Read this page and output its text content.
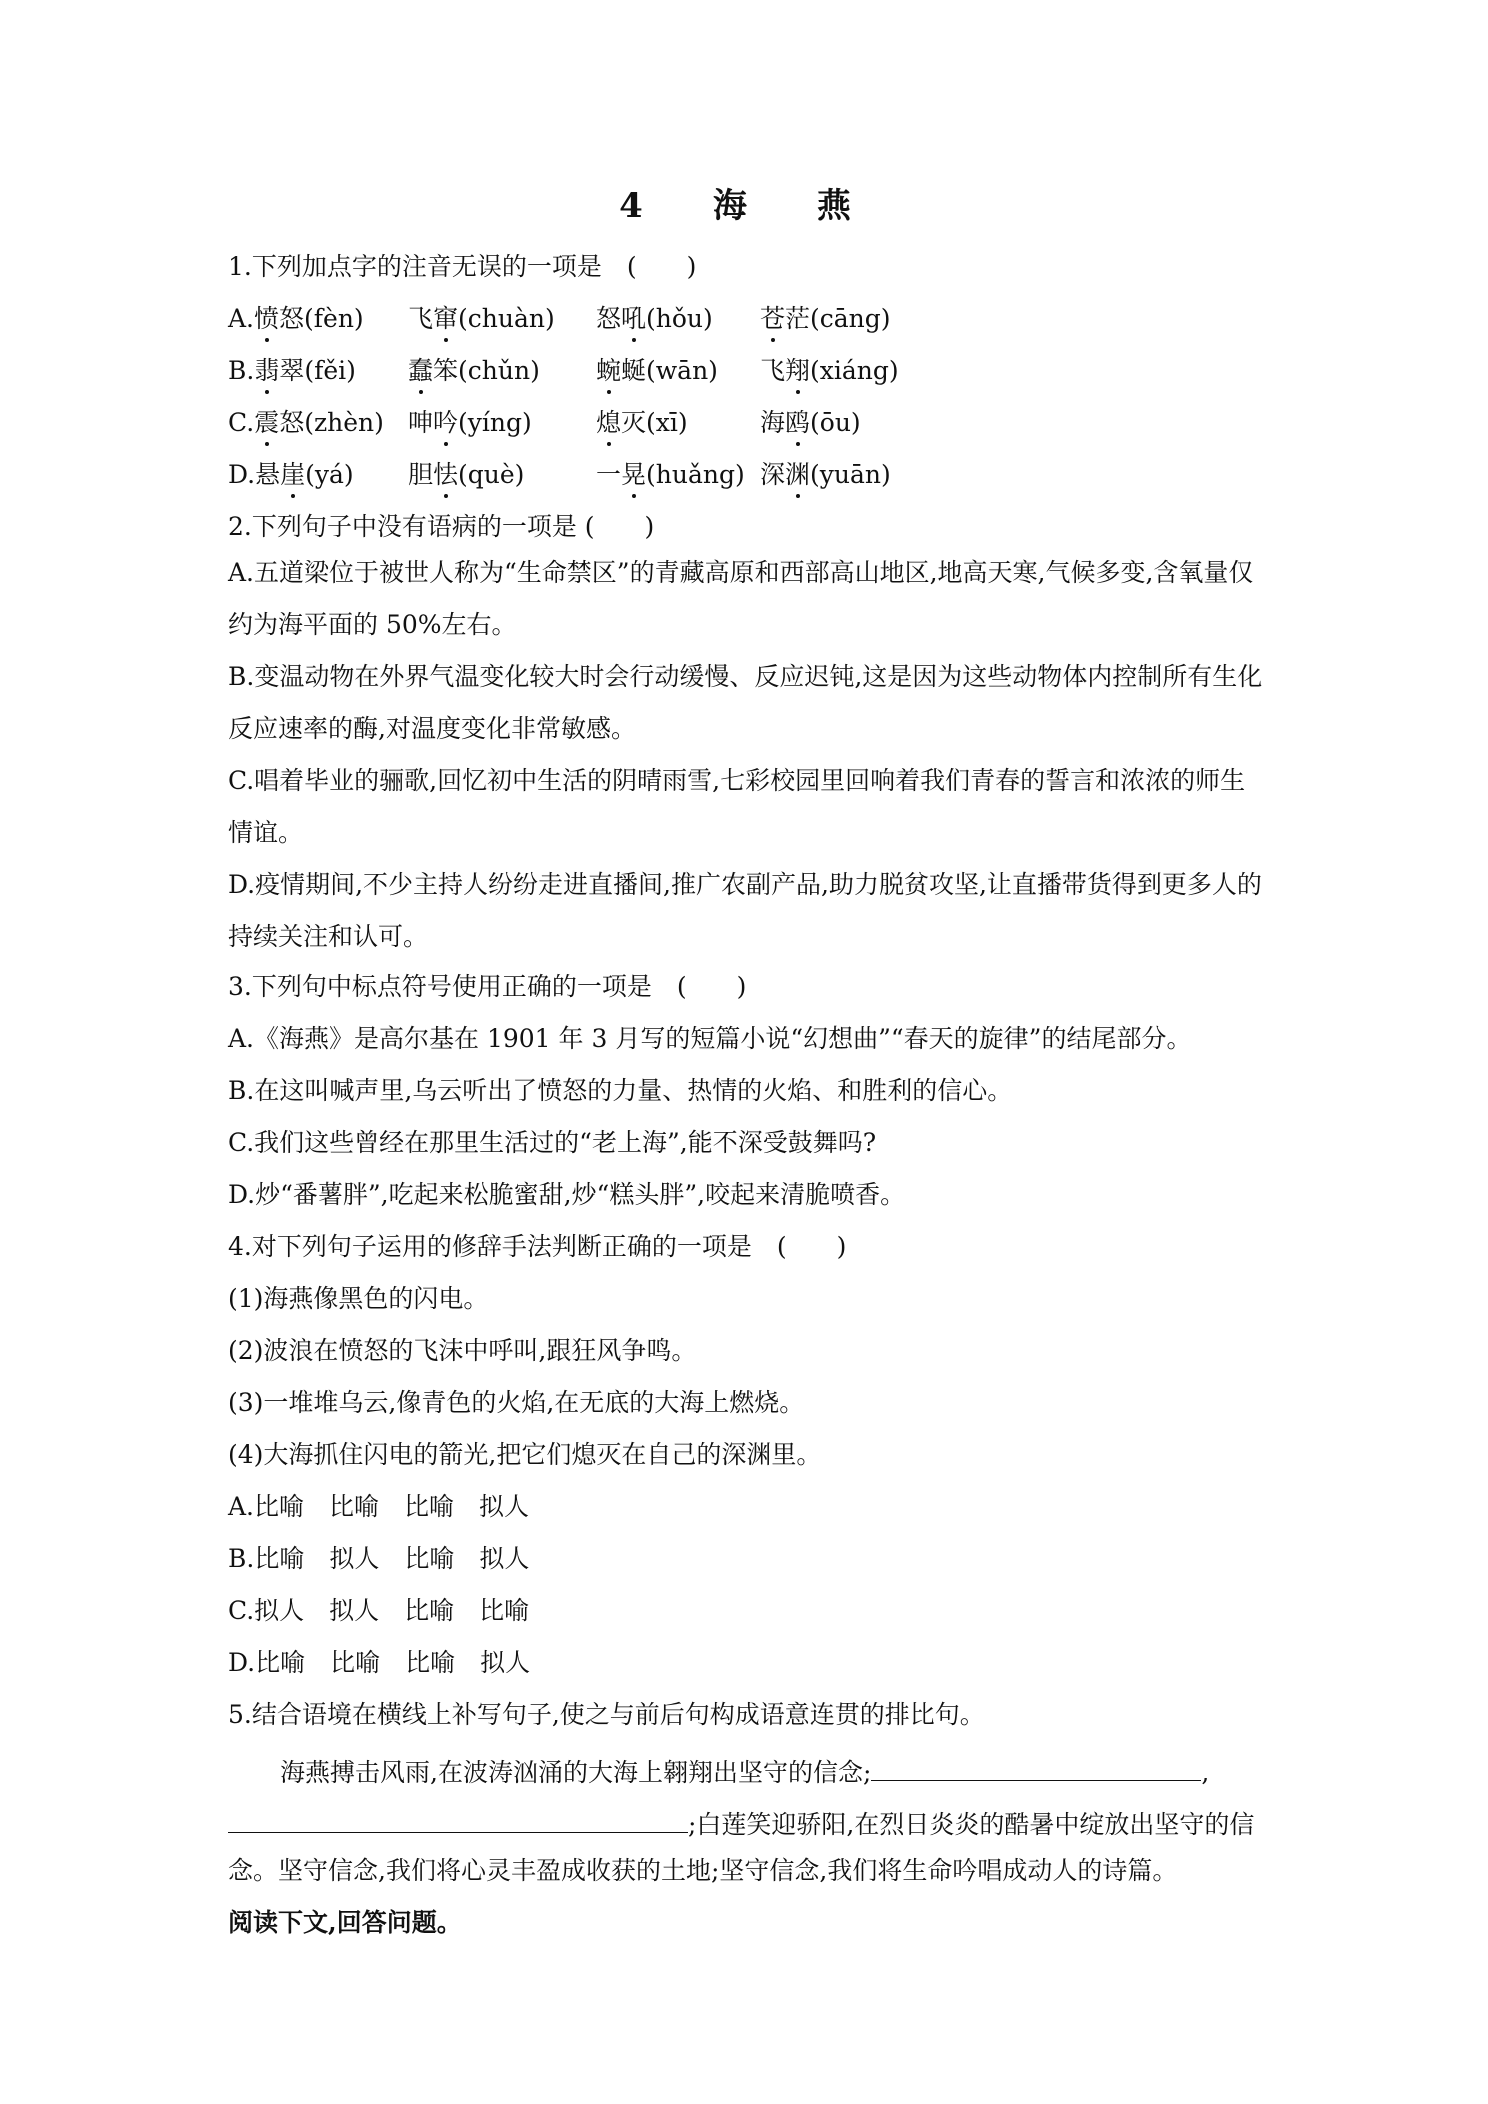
4　海　燕
1.下列加点字的注音无误的一项是　(　　)
A.愤怒(fèn) 飞窜(chuàn) 怒吼(hǒu) 苍茫(cāng)
B.翡翠(fěi) 蠢笨(chǔn) 蜿蜒(wān) 飞翔(xiáng)
C.震怒(zhèn) 呻吟(yíng)	熄灭(xī)	海鸥(ōu)
D.悬崖(yá) 胆怯(què)	一晃(huǎng) 深渊(yuān)
2.下列句子中没有语病的一项是 (　　)
A.五道梁位于被世人称为“生命禁区”的青藏高原和西部高山地区,地高天寒,气候多变,含氧量仅约为海平面的 50%左右。
B.变温动物在外界气温变化较大时会行动缓慢、反应迟钝,这是因为这些动物体内控制所有生化反应速率的酶,对温度变化非常敏感。
C.唱着毕业的骊歌,回忆初中生活的阴晴雨雪,七彩校园里回响着我们青春的誓言和浓浓的师生情谊。
D.疫情期间,不少主持人纷纷走进直播间,推广农副产品,助力脱贫攻坚,让直播带货得到更多人的持续关注和认可。
3.下列句中标点符号使用正确的一项是　(　　)
A.《海燕》是高尔基在 1901 年 3 月写的短篇小说“幻想曲”“春天的旋律”的结尾部分。
B.在这叫喊声里,乌云听出了愤怒的力量、热情的火焰、和胜利的信心。
C.我们这些曾经在那里生活过的“老上海”,能不深受鼓舞吗?
D.炒“番薯胖”,吃起来松脆蜜甜,炒“糕头胖”,咬起来清脆喷香。
4.对下列句子运用的修辞手法判断正确的一项是　(　　)
(1)海燕像黑色的闪电。
(2)波浪在愤怒的飞沫中呼叫,跟狂风争鸣。
(3)一堆堆乌云,像青色的火焰,在无底的大海上燃烧。
(4)大海抓住闪电的箭光,把它们熄灭在自己的深渊里。
A.比喻　比喻　比喻　拟人
B.比喻　拟人　比喻　拟人
C.拟人　拟人　比喻　比喻
D.比喻　比喻　比喻　拟人
5.结合语境在横线上补写句子,使之与前后句构成语意连贯的排比句。
海燕搏击风雨,在波涛汹涌的大海上翱翔出坚守的信念;	,
;白莲笑迎骄阳,在烈日炎炎的酷暑中绽放出坚守的信
念。坚守信念,我们将心灵丰盈成收获的土地;坚守信念,我们将生命吟唱成动人的诗篇。
阅读下文,回答问题。
